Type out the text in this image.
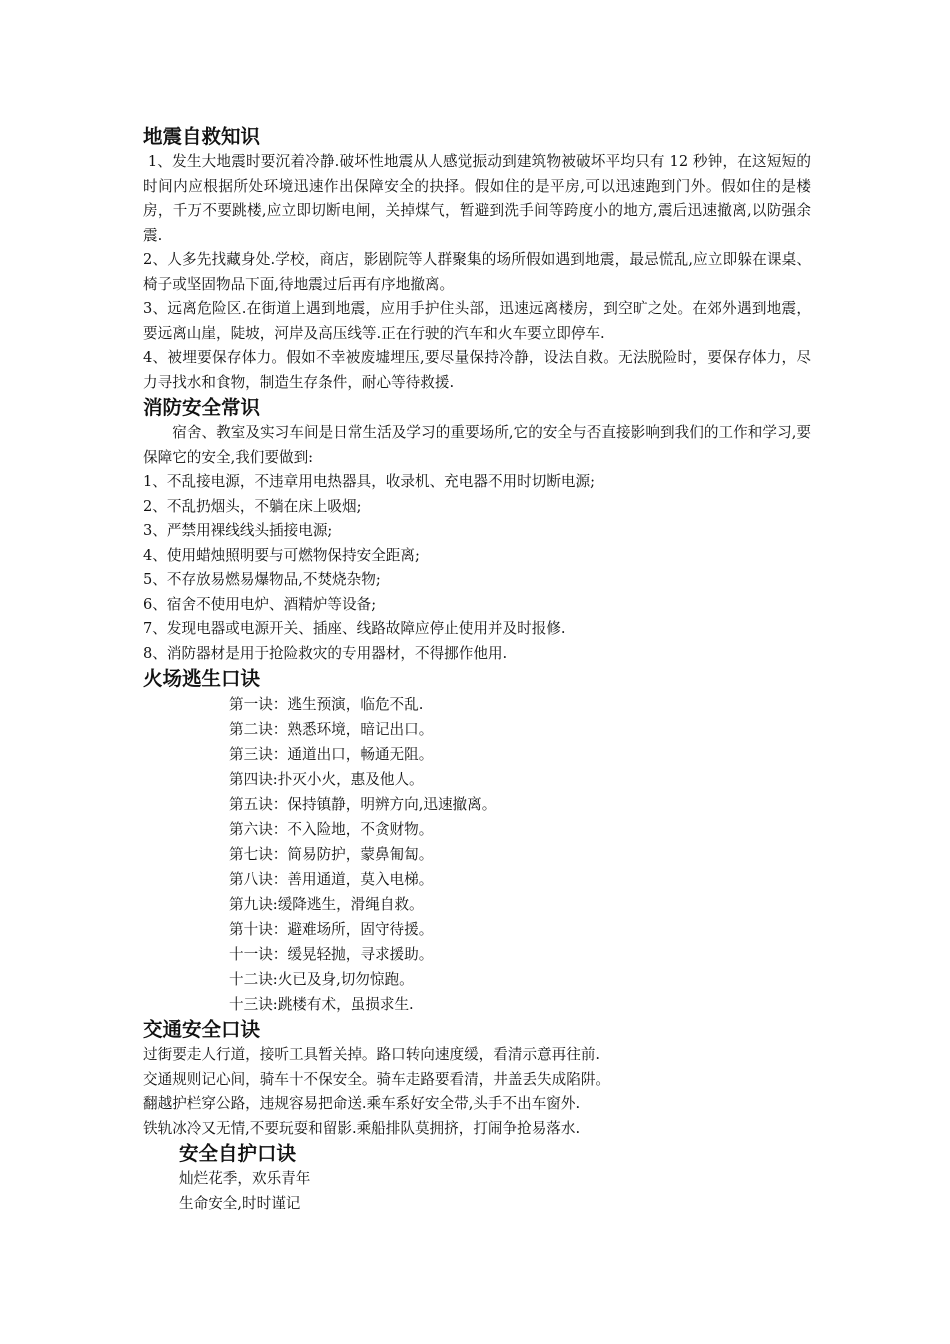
地震自救知识

1、发生大地震时要沉着冷静.破坏性地震从人感觉振动到建筑物被破坏平均只有 12 秒钟，在这短短的时间内应根据所处环境迅速作出保障安全的抉择。假如住的是平房,可以迅速跑到门外。假如住的是楼房，千万不要跳楼,应立即切断电闸，关掉煤气，暂避到洗手间等跨度小的地方,震后迅速撤离,以防强余震.

2、人多先找藏身处.学校，商店，影剧院等人群聚集的场所假如遇到地震，最忌慌乱,应立即躲在课桌、椅子或坚固物品下面,待地震过后再有序地撤离。

3、远离危险区.在街道上遇到地震，应用手护住头部，迅速远离楼房，到空旷之处。在郊外遇到地震，要远离山崖，陡坡，河岸及高压线等.正在行驶的汽车和火车要立即停车.

4、被埋要保存体力。假如不幸被废墟埋压,要尽量保持冷静，设法自救。无法脱险时，要保存体力，尽力寻找水和食物，制造生存条件，耐心等待救援.

消防安全常识

宿舍、教室及实习车间是日常生活及学习的重要场所,它的安全与否直接影响到我们的工作和学习,要保障它的安全,我们要做到:

1、不乱接电源，不违章用电热器具，收录机、充电器不用时切断电源;

2、不乱扔烟头，不躺在床上吸烟;

3、严禁用裸线线头插接电源;

4、使用蜡烛照明要与可燃物保持安全距离;

5、不存放易燃易爆物品,不焚烧杂物;

6、宿舍不使用电炉、酒精炉等设备;

7、发现电器或电源开关、插座、线路故障应停止使用并及时报修.

8、消防器材是用于抢险救灾的专用器材，不得挪作他用.

火场逃生口诀

第一诀：逃生预演，临危不乱.

第二诀：熟悉环境，暗记出口。

第三诀：通道出口，畅通无阻。

第四诀:扑灭小火，惠及他人。

第五诀：保持镇静，明辨方向,迅速撤离。

第六诀：不入险地，不贪财物。

第七诀：简易防护，蒙鼻匍匐。

第八诀：善用通道，莫入电梯。

第九诀:缓降逃生，滑绳自救。

第十诀：避难场所，固守待援。

十一诀：缓晃轻抛，寻求援助。

十二诀:火已及身,切勿惊跑。

十三诀:跳楼有术，虽损求生.

交通安全口诀

过街要走人行道，接听工具暂关掉。路口转向速度缓，看清示意再往前.

交通规则记心间，骑车十不保安全。骑车走路要看清，井盖丢失成陷阱。

翻越护栏穿公路，违规容易把命送.乘车系好安全带,头手不出车窗外.

铁轨冰冷又无情,不要玩耍和留影.乘船排队莫拥挤，打闹争抢易落水.

安全自护口诀

灿烂花季，欢乐青年

生命安全,时时谨记
